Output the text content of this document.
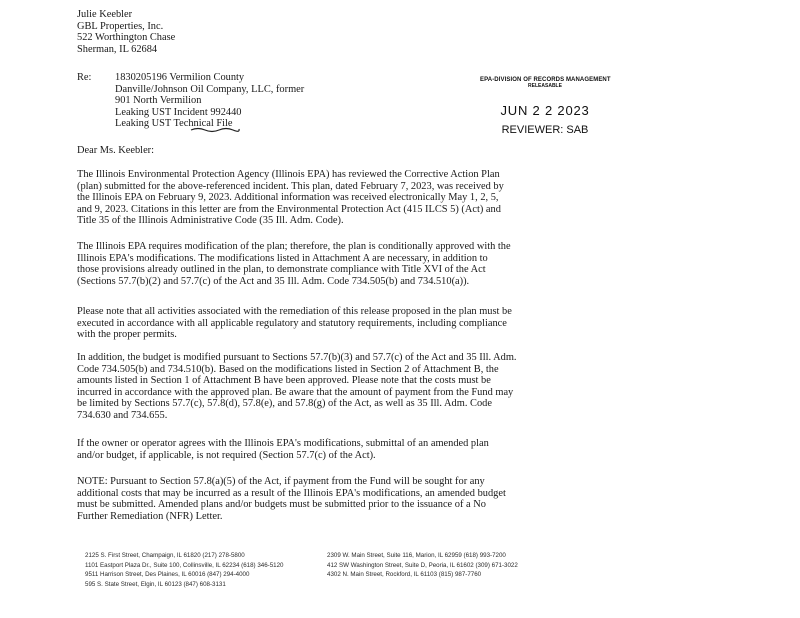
Julie Keebler
GBL Properties, Inc.
522 Worthington Chase
Sherman, IL 62684
Re:	1830205196 Vermilion County
Danville/Johnson Oil Company, LLC, former
901 North Vermilion
Leaking UST Incident 992440
Leaking UST Technical File
EPA-DIVISION OF RECORDS MANAGEMENT
RELEASABLE
JUN 2 2 2023
REVIEWER: SAB
Dear Ms. Keebler:
The Illinois Environmental Protection Agency (Illinois EPA) has reviewed the Corrective Action Plan
(plan) submitted for the above-referenced incident. This plan, dated February 7, 2023, was received by
the Illinois EPA on February 9, 2023. Additional information was received electronically May 1, 2, 5,
and 9, 2023. Citations in this letter are from the Environmental Protection Act (415 ILCS 5) (Act) and
Title 35 of the Illinois Administrative Code (35 Ill. Adm. Code).
The Illinois EPA requires modification of the plan; therefore, the plan is conditionally approved with the
Illinois EPA's modifications. The modifications listed in Attachment A are necessary, in addition to
those provisions already outlined in the plan, to demonstrate compliance with Title XVI of the Act
(Sections 57.7(b)(2) and 57.7(c) of the Act and 35 Ill. Adm. Code 734.505(b) and 734.510(a)).
Please note that all activities associated with the remediation of this release proposed in the plan must be
executed in accordance with all applicable regulatory and statutory requirements, including compliance
with the proper permits.
In addition, the budget is modified pursuant to Sections 57.7(b)(3) and 57.7(c) of the Act and 35 Ill. Adm.
Code 734.505(b) and 734.510(b). Based on the modifications listed in Section 2 of Attachment B, the
amounts listed in Section 1 of Attachment B have been approved. Please note that the costs must be
incurred in accordance with the approved plan. Be aware that the amount of payment from the Fund may
be limited by Sections 57.7(c), 57.8(d), 57.8(e), and 57.8(g) of the Act, as well as 35 Ill. Adm. Code
734.630 and 734.655.
If the owner or operator agrees with the Illinois EPA's modifications, submittal of an amended plan
and/or budget, if applicable, is not required (Section 57.7(c) of the Act).
NOTE: Pursuant to Section 57.8(a)(5) of the Act, if payment from the Fund will be sought for any
additional costs that may be incurred as a result of the Illinois EPA's modifications, an amended budget
must be submitted. Amended plans and/or budgets must be submitted prior to the issuance of a No
Further Remediation (NFR) Letter.
2125 S. First Street, Champaign, IL 61820 (217) 278-5800
1101 Eastport Plaza Dr., Suite 100, Collinsville, IL 62234 (618) 346-5120
9511 Harrison Street, Des Plaines, IL 60016 (847) 294-4000
595 S. State Street, Elgin, IL 60123 (847) 608-3131
2309 W. Main Street, Suite 116, Marion, IL 62959 (618) 993-7200
412 SW Washington Street, Suite D, Peoria, IL 61602 (309) 671-3022
4302 N. Main Street, Rockford, IL 61103 (815) 987-7760
